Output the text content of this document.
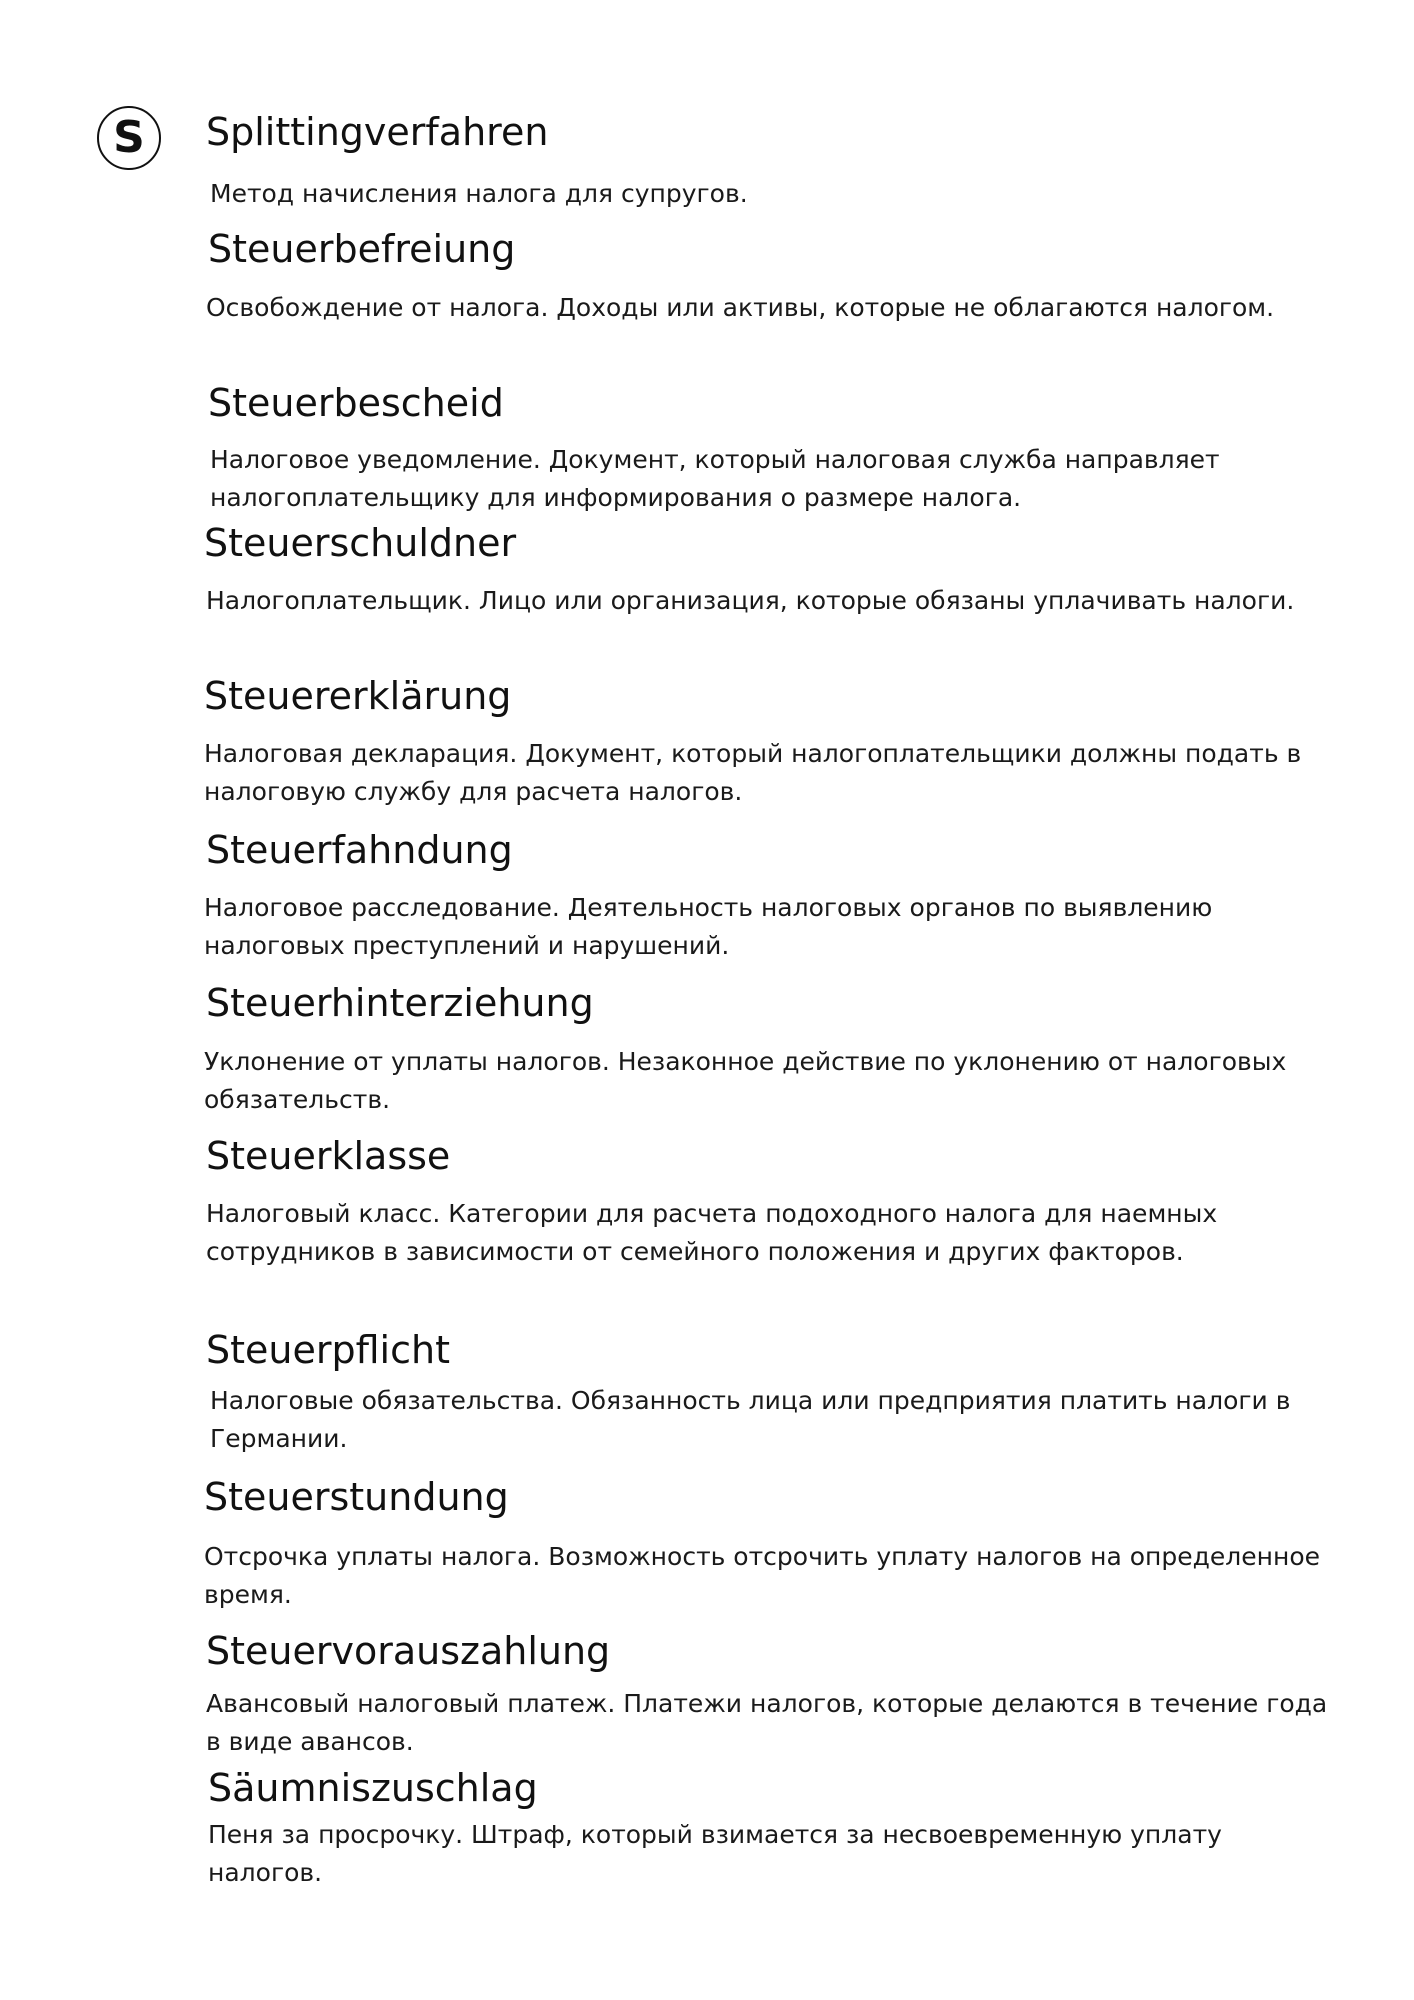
S	Splittingverfahren

Метод начисления налога для супругов.

Steuerbefreiung

Освобождение от налога. Доходы или активы, которые не облагаются налогом.

Steuerbescheid

Налоговое уведомление. Документ, который налоговая служба направляет налогоплательщику для информирования о размере налога.

Steuerschuldner

Налогоплательщик. Лицо или организация, которые обязаны уплачивать налоги.

Steuererklärung

Налоговая декларация. Документ, который налогоплательщики должны подать в налоговую службу для расчета налогов.

Steuerfahndung

Налоговое расследование. Деятельность налоговых органов по выявлению налоговых преступлений и нарушений.

Steuerhinterziehung

Уклонение от уплаты налогов. Незаконное действие по уклонению от налоговых обязательств.

Steuerklasse

Налоговый класс. Категории для расчета подоходного налога для наемных сотрудников в зависимости от семейного положения и других факторов.

Steuerpflicht

Налоговые обязательства. Обязанность лица или предприятия платить налоги в Германии.

Steuerstundung

Отсрочка уплаты налога. Возможность отсрочить уплату налогов на определенное время.

Steuervorauszahlung

Авансовый налоговый платеж. Платежи налогов, которые делаются в течение года в виде авансов.

Säumniszuschlag

Пеня за просрочку. Штраф, который взимается за несвоевременную уплату налогов.
